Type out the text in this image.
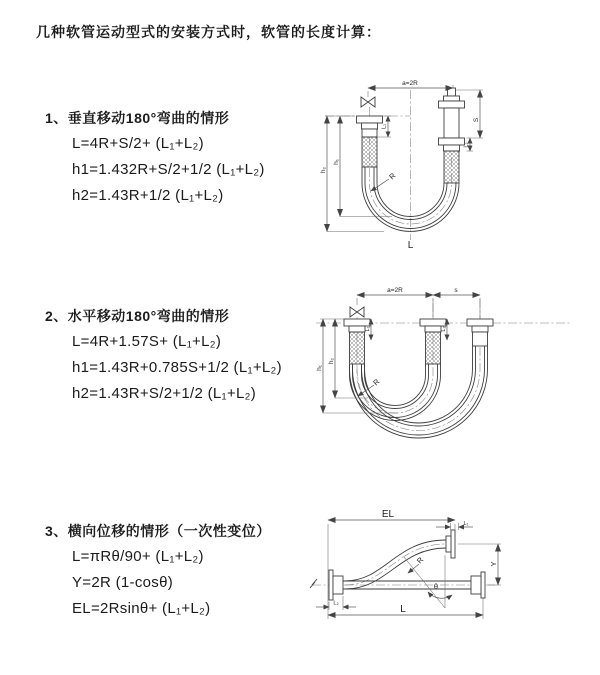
几种软管运动型式的安装方式时，软管的长度计算：
1、垂直移动180°弯曲的情形
L=4R+S/2+ (L₁+L₂)
h1=1.432R+S/2+1/2 (L₁+L₂)
h2=1.43R+1/2 (L₁+L₂)
2、水平移动180°弯曲的情形
L=4R+1.57S+ (L₁+L₂)
h1=1.43R+0.785S+1/2 (L₁+L₂)
h2=1.43R+S/2+1/2 (L₁+L₂)
3、横向位移的情形（一次性变位）
L=πRθ/90+ (L₁+L₂)
Y=2R (1-cosθ)
EL=2Rsinθ+ (L₁+L₂)
a=2R
S
L₂
L₁
h₁
h₂
R
L
a=2R	s
h₁
h₂
L₁	L₂
R
θ
EL
L₁
Y
L
L₂
R
